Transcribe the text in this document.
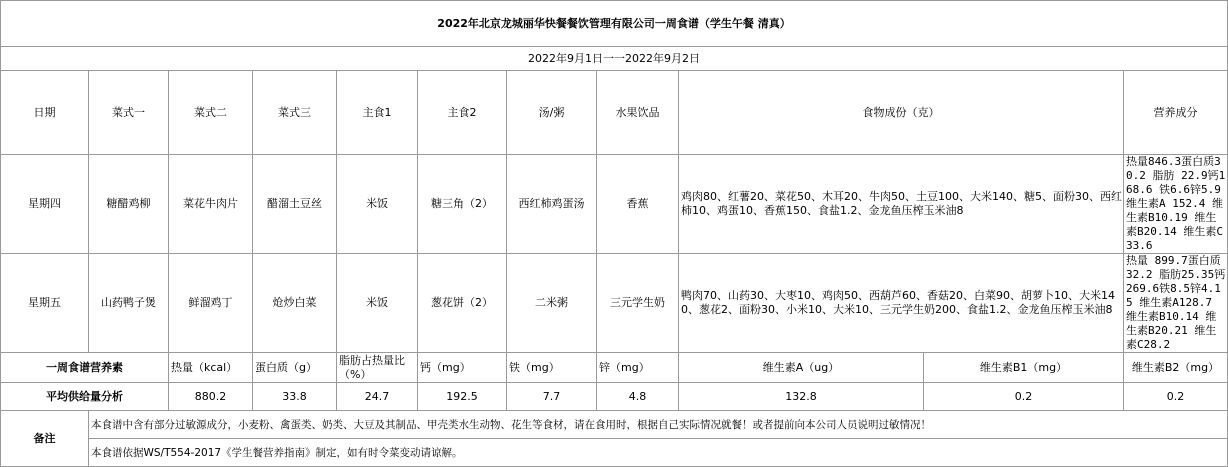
2022年北京龙城丽华快餐餐饮管理有限公司一周食谱（学生午餐 清真）											
2022年9月1日一一2022年9月2日											
日期	菜式一	菜式二	菜式三	主食1	主食2	汤/粥	水果饮品	食物成份（克）		营养成分	
星期四	糖醋鸡柳	菜花牛肉片	醋溜土豆丝	米饭	糖三角（2）	西红柿鸡蛋汤	香蕉	鸡肉80、红薯20、菜花50、木耳20、牛肉50、土豆100、大米140、糖5、面粉30、西红柿10、鸡蛋10、香蕉150、食盐1.2、金龙鱼压榨玉米油8		热量846.3蛋白质30.2 脂肪 22.9钙168.6 铁6.6锌5.9 维生素A 152.4 维生素B10.19 维生素B20.14 维生素C 33.6	
星期五	山药鸭子煲	鲜溜鸡丁	炝炒白菜	米饭	葱花饼（2）	二米粥	三元学生奶	鸭肉70、山药30、大枣10、鸡肉50、西葫芦60、香菇20、白菜90、胡萝卜10、大米140、葱花2、面粉30、小米10、大米10、三元学生奶200、食盐1.2、金龙鱼压榨玉米油8		热量 899.7蛋白质32.2 脂肪25.35钙269.6铁8.5锌4.15 维生素A128.7 维生素B10.14 维生素B20.21 维生素C28.2	
一周食谱营养素		热量（kcal）	蛋白质（g）	脂肪占热量比（%）	钙（mg）	铁（mg）	锌（mg）	维生素A（ug）	维生素B1（mg）	维生素B2（mg）	
平均供给量分析		880.2	33.8	24.7	192.5	7.7	4.8	132.8	0.2	0.2	
备注	本食谱中含有部分过敏源成分，小麦粉、禽蛋类、奶类、大豆及其制品、甲壳类水生动物、花生等食材，请在食用时，根据自己实际情况就餐！或者提前向本公司人员说明过敏情况！										
	本食谱依据WS/T554-2017《学生餐营养指南》制定，如有时令菜变动请谅解。										
